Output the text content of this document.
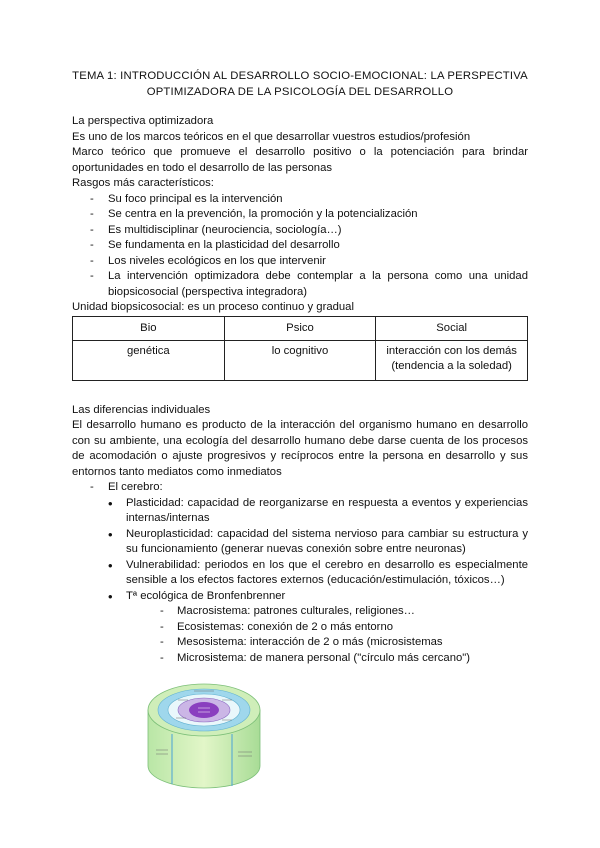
TEMA 1: INTRODUCCIÓN AL DESARROLLO SOCIO-EMOCIONAL: LA PERSPECTIVA
OPTIMIZADORA DE LA PSICOLOGÍA DEL DESARROLLO

La perspectiva optimizadora

Es uno de los marcos teóricos en el que desarrollar vuestros estudios/profesión

Marco teórico que promueve el desarrollo positivo o la potenciación para brindar oportunidades en todo el desarrollo de las personas

Rasgos más característicos:

- Su foco principal es la intervención
- Se centra en la prevención, la promoción y la potencialización
- Es multidisciplinar (neurociencia, sociología…)
- Se fundamenta en la plasticidad del desarrollo
- Los niveles ecológicos en los que intervenir
- La intervención optimizadora debe contemplar a la persona como una unidad biopsicosocial (perspectiva integradora)

Unidad biopsicosocial: es un proceso continuo y gradual

Bio	Psico	Social
genética	lo cognitivo	interacción con los demás (tendencia a la soledad)

Las diferencias individuales

El desarrollo humano es producto de la interacción del organismo humano en desarrollo con su ambiente, una ecología del desarrollo humano debe darse cuenta de los procesos de acomodación o ajuste progresivos y recíprocos entre la persona en desarrollo y sus entornos tanto mediatos como inmediatos

- El cerebro:
• Plasticidad: capacidad de reorganizarse en respuesta a eventos y experiencias internas/internas
• Neuroplasticidad: capacidad del sistema nervioso para cambiar su estructura y su funcionamiento (generar nuevas conexión sobre entre neuronas)
• Vulnerabilidad: periodos en los que el cerebro en desarrollo es especialmente sensible a los efectos factores externos (educación/estimulación, tóxicos…)
• Tª ecológica de Bronfenbrenner
- Macrosistema: patrones culturales, religiones…
- Ecosistemas: conexión de 2 o más entorno
- Mesosistema: interacción de 2 o más (microsistemas
- Microsistema: de manera personal ("círculo más cercano")
